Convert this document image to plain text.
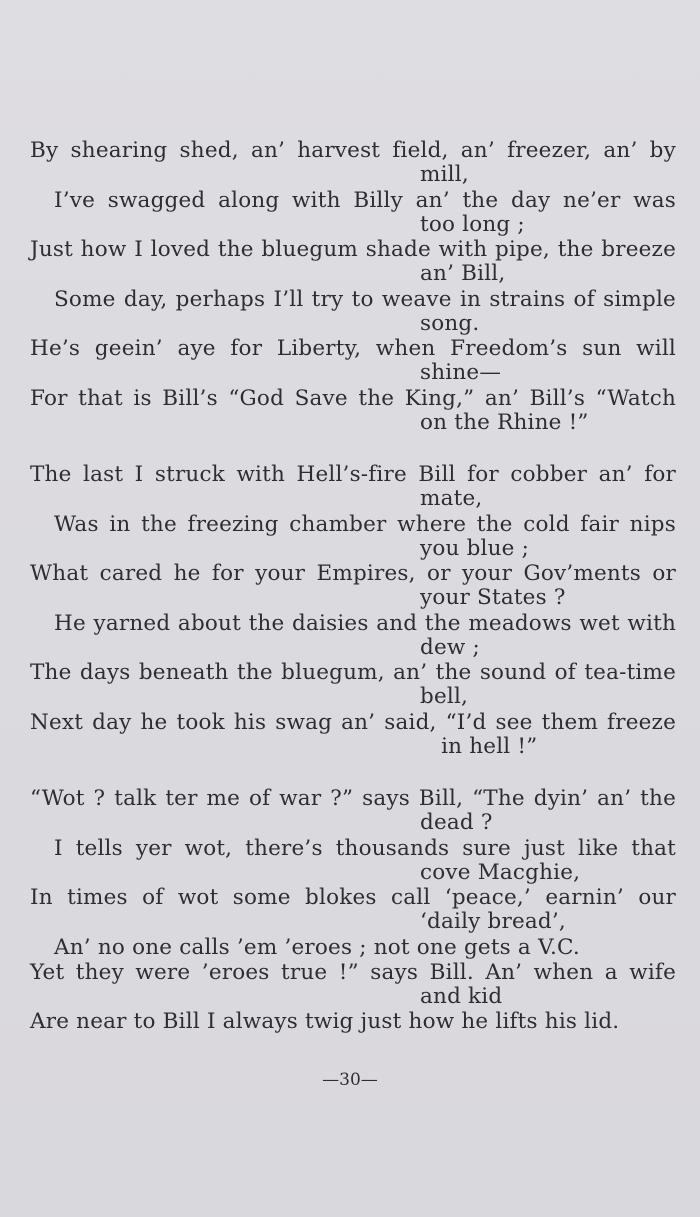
By shearing shed, an’ harvest field, an’ freezer, an’ by
mill,
I’ve swagged along with Billy an’ the day ne’er was
too long ;
Just how I loved the bluegum shade with pipe, the breeze
an’ Bill,
Some day, perhaps I’ll try to weave in strains of simple
song.
He’s geein’ aye for Liberty, when Freedom’s sun will
shine—
For that is Bill’s “God Save the King,” an’ Bill’s “Watch
on the Rhine !”
The last I struck with Hell’s-fire Bill for cobber an’ for
mate,
Was in the freezing chamber where the cold fair nips
you blue ;
What cared he for your Empires, or your Gov’ments or
your States ?
He yarned about the daisies and the meadows wet with
dew ;
The days beneath the bluegum, an’ the sound of tea-time
bell,
Next day he took his swag an’ said, “I’d see them freeze
in hell !”
“Wot ? talk ter me of war ?” says Bill, “The dyin’ an’ the
dead ?
I tells yer wot, there’s thousands sure just like that
cove Macghie,
In times of wot some blokes call ‘peace,’ earnin’ our
‘daily bread’,
An’ no one calls ’em ’eroes ; not one gets a V.C.
Yet they were ’eroes true !” says Bill. An’ when a wife
and kid
Are near to Bill I always twig just how he lifts his lid.
—30—
